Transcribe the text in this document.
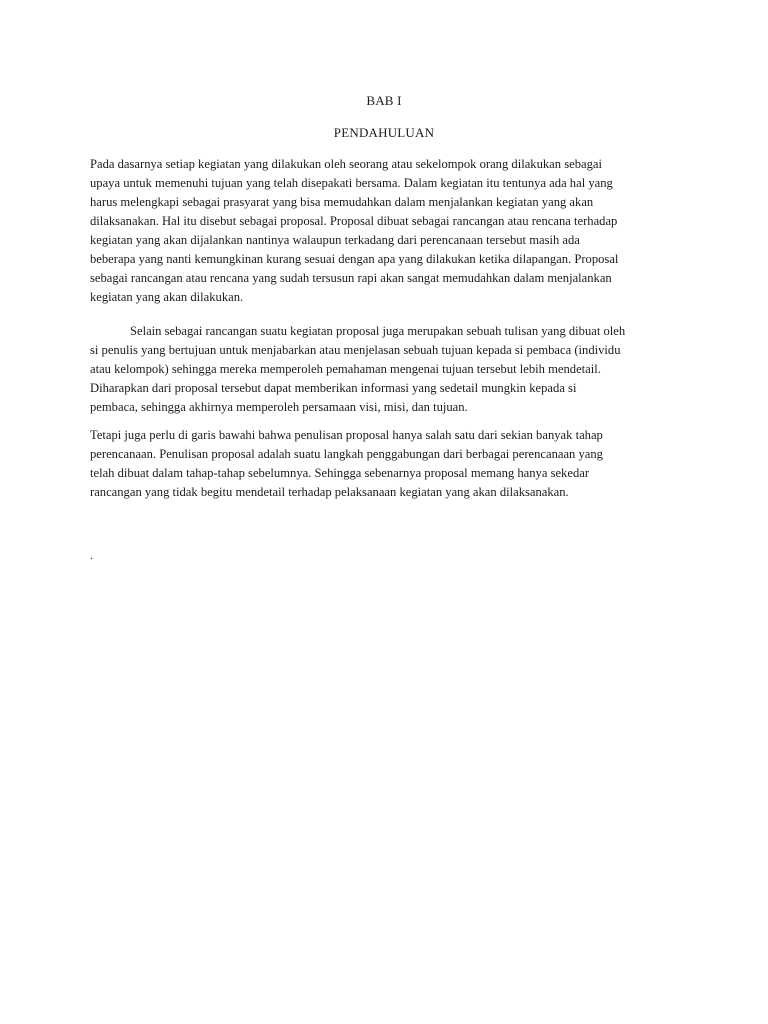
BAB I
PENDAHULUAN
Pada dasarnya setiap kegiatan yang dilakukan oleh seorang atau sekelompok orang dilakukan sebagai
upaya untuk memenuhi tujuan yang telah disepakati bersama. Dalam kegiatan itu tentunya ada hal yang
harus melengkapi sebagai prasyarat yang bisa memudahkan dalam menjalankan kegiatan yang akan
dilaksanakan. Hal itu disebut sebagai proposal. Proposal dibuat sebagai rancangan atau rencana terhadap
kegiatan yang akan dijalankan nantinya walaupun terkadang dari perencanaan tersebut masih ada
beberapa yang nanti kemungkinan kurang sesuai dengan apa yang dilakukan ketika dilapangan. Proposal
sebagai rancangan atau rencana yang sudah tersusun rapi akan sangat memudahkan dalam menjalankan
kegiatan yang akan dilakukan.
Selain sebagai rancangan suatu kegiatan proposal juga merupakan sebuah tulisan yang dibuat oleh
si penulis yang bertujuan untuk menjabarkan atau menjelasan sebuah tujuan kepada si pembaca (individu
atau kelompok) sehingga mereka memperoleh pemahaman mengenai tujuan tersebut lebih mendetail.
Diharapkan dari proposal tersebut dapat memberikan informasi yang sedetail mungkin kepada si
pembaca, sehingga akhirnya memperoleh persamaan visi, misi, dan tujuan.
Tetapi juga perlu di garis bawahi bahwa penulisan proposal hanya salah satu dari sekian banyak tahap
perencanaan. Penulisan proposal adalah suatu langkah penggabungan dari berbagai perencanaan yang
telah dibuat dalam tahap-tahap sebelumnya. Sehingga sebenarnya proposal memang hanya sekedar
rancangan yang tidak begitu mendetail terhadap pelaksanaan kegiatan yang akan dilaksanakan.
.
